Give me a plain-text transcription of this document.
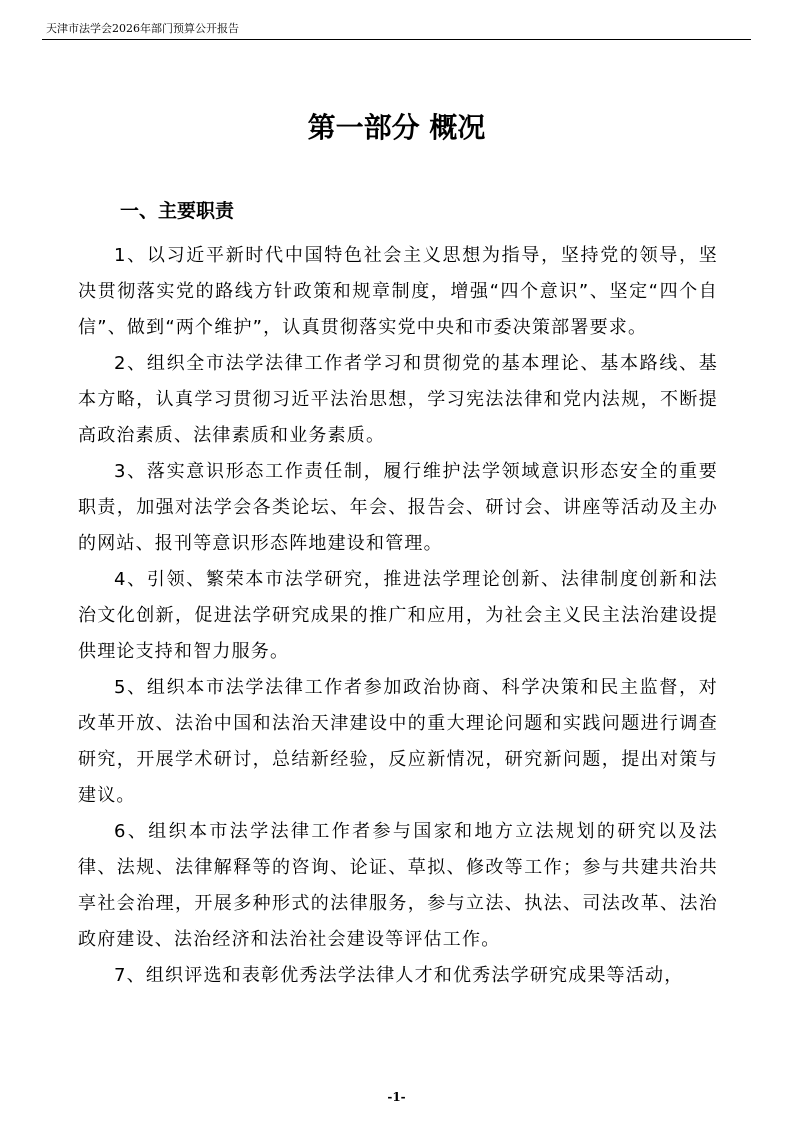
天津市法学会2026年部门预算公开报告
第一部分 概况
一、主要职责

1、以习近平新时代中国特色社会主义思想为指导，坚持党的领导，坚决贯彻落实党的路线方针政策和规章制度，增强“四个意识”、坚定“四个自信”、做到“两个维护”，认真贯彻落实党中央和市委决策部署要求。

2、组织全市法学法律工作者学习和贯彻党的基本理论、基本路线、基本方略，认真学习贯彻习近平法治思想，学习宪法法律和党内法规，不断提高政治素质、法律素质和业务素质。

3、落实意识形态工作责任制，履行维护法学领域意识形态安全的重要职责，加强对法学会各类论坛、年会、报告会、研讨会、讲座等活动及主办的网站、报刊等意识形态阵地建设和管理。

4、引领、繁荣本市法学研究，推进法学理论创新、法律制度创新和法治文化创新，促进法学研究成果的推广和应用，为社会主义民主法治建设提供理论支持和智力服务。

5、组织本市法学法律工作者参加政治协商、科学决策和民主监督，对改革开放、法治中国和法治天津建设中的重大理论问题和实践问题进行调查研究，开展学术研讨，总结新经验，反应新情况，研究新问题，提出对策与建议。

6、组织本市法学法律工作者参与国家和地方立法规划的研究以及法律、法规、法律解释等的咨询、论证、草拟、修改等工作；参与共建共治共享社会治理，开展多种形式的法律服务，参与立法、执法、司法改革、法治政府建设、法治经济和法治社会建设等评估工作。

7、组织评选和表彰优秀法学法律人才和优秀法学研究成果等活动，

-1-
